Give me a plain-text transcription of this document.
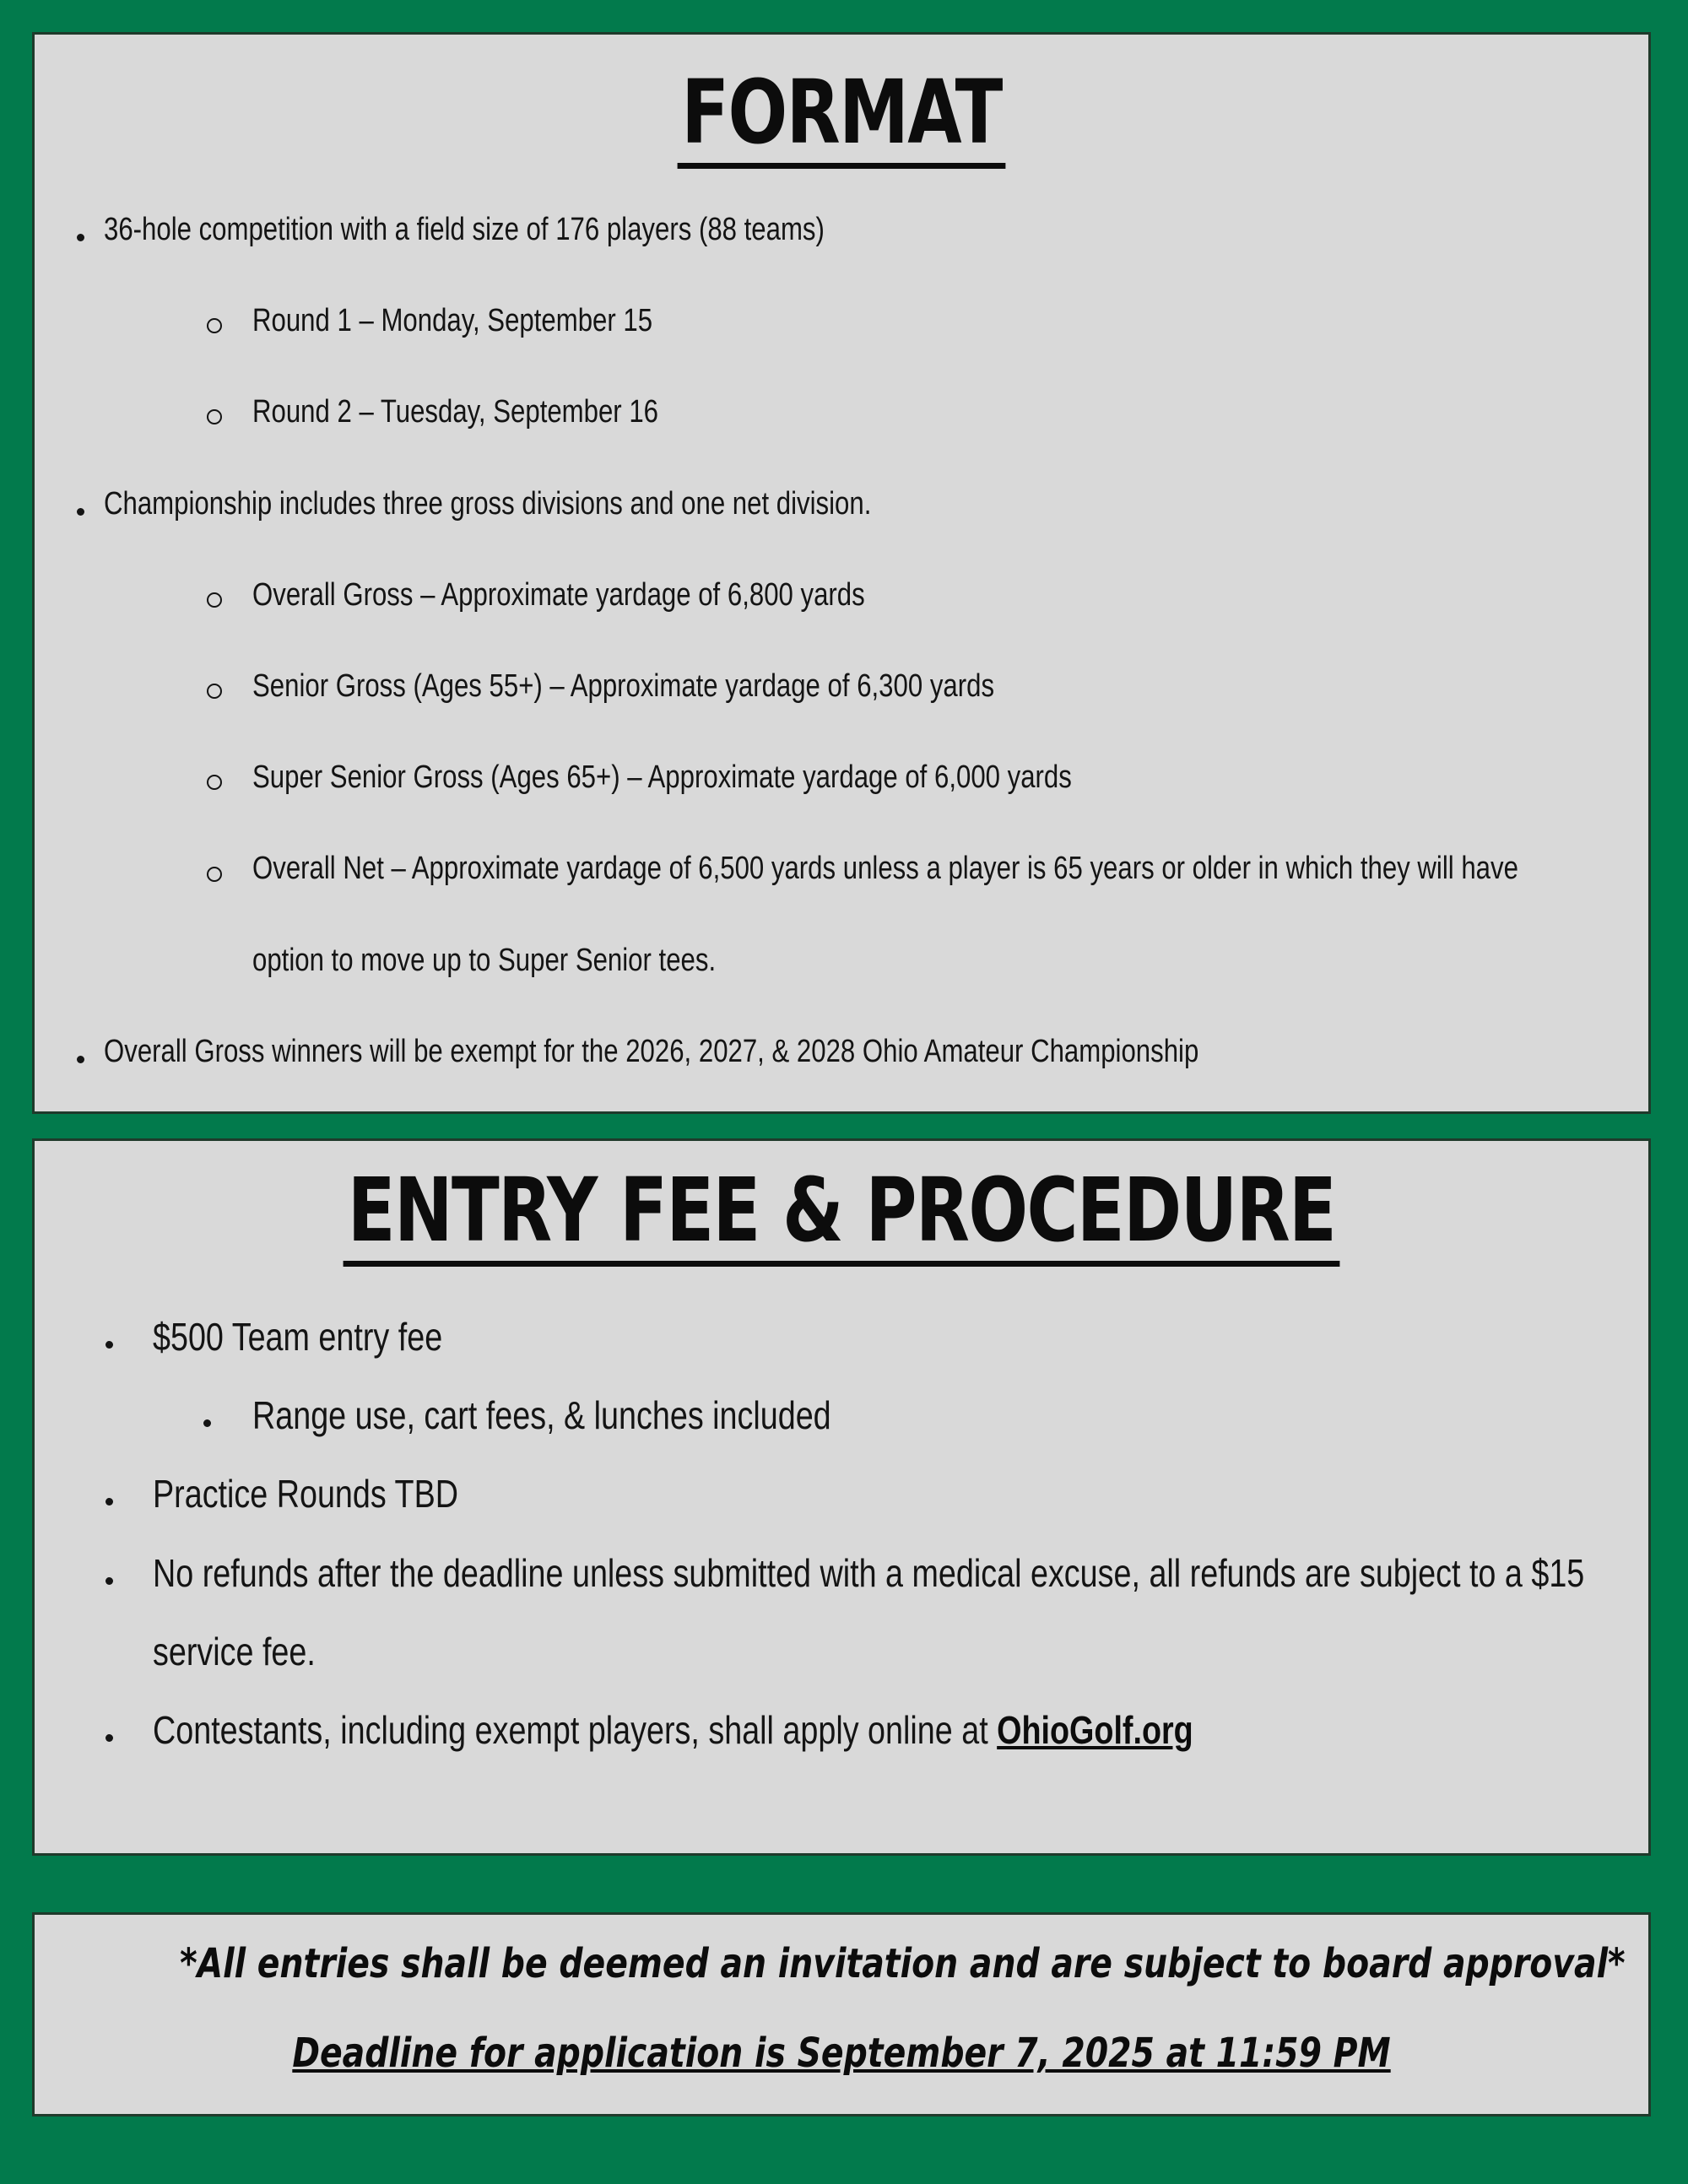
FORMAT
36-hole competition with a field size of 176 players (88 teams)
Round 1 – Monday, September 15
Round 2 – Tuesday, September 16
Championship includes three gross divisions and one net division.
Overall Gross – Approximate yardage of 6,800 yards
Senior Gross (Ages 55+) – Approximate yardage of 6,300 yards
Super Senior Gross (Ages 65+) – Approximate yardage of 6,000 yards
Overall Net – Approximate yardage of 6,500 yards unless a player is 65 years or older in which they will have
option to move up to Super Senior tees.
Overall Gross winners will be exempt for the 2026, 2027, & 2028 Ohio Amateur Championship
ENTRY FEE & PROCEDURE
$500 Team entry fee
Range use, cart fees, & lunches included
Practice Rounds TBD
No refunds after the deadline unless submitted with a medical excuse, all refunds are subject to a $15
service fee.
Contestants, including exempt players, shall apply online at OhioGolf.org
*All entries shall be deemed an invitation and are subject to board approval*
Deadline for application is September 7, 2025 at 11:59 PM
